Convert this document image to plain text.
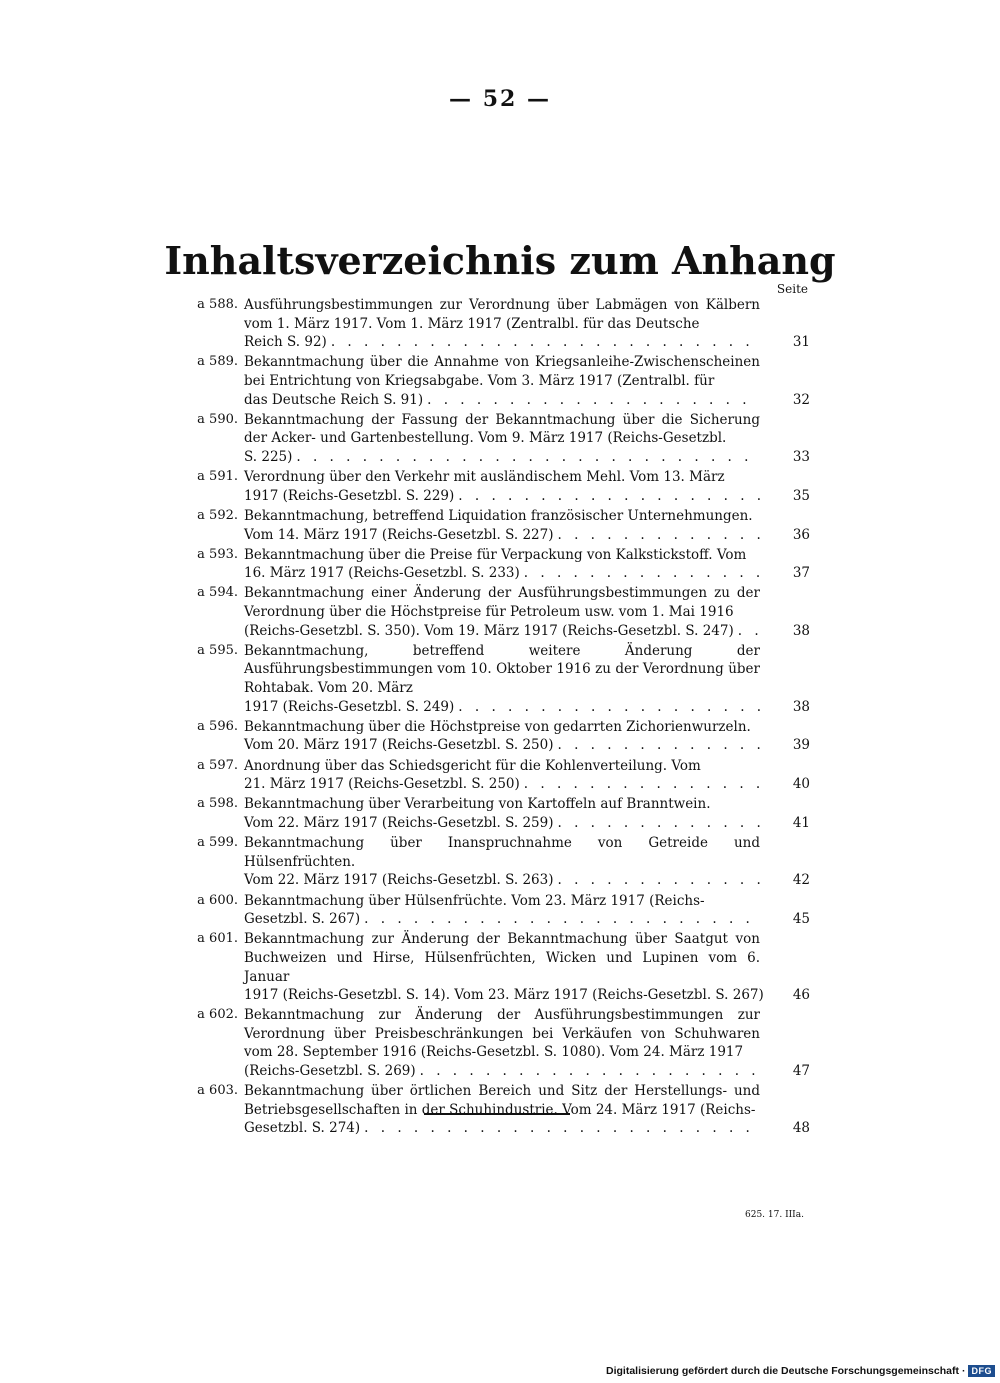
— 52 —
Inhaltsverzeichnis zum Anhang
Seite
a 588. Ausführungsbestimmungen zur Verordnung über Labmägen von Kälbern vom 1. März 1917. Vom 1. März 1917 (Zentralbl. für das Deutsche
Reich S. 92) . . .	31
a 589. Bekanntmachung über die Annahme von Kriegsanleihe-Zwischenscheinen bei Entrichtung von Kriegsabgabe. Vom 3. März 1917 (Zentralbl. für
das Deutsche Reich S. 91) . . .	32
a 590. Bekanntmachung der Fassung der Bekanntmachung über die Sicherung der Acker- und Gartenbestellung. Vom 9. März 1917 (Reichs-Gesetzbl.
S. 225) . . .	33
a 591. Verordnung über den Verkehr mit ausländischem Mehl. Vom 13. März
1917 (Reichs-Gesetzbl. S. 229) . . .	35
a 592. Bekanntmachung, betreffend Liquidation französischer Unternehmungen.
Vom 14. März 1917 (Reichs-Gesetzbl. S. 227) . . .	36
a 593. Bekanntmachung über die Preise für Verpackung von Kalkstickstoff. Vom
16. März 1917 (Reichs-Gesetzbl. S. 233) . . .	37
a 594. Bekanntmachung einer Änderung der Ausführungsbestimmungen zu der Verordnung über die Höchstpreise für Petroleum usw. vom 1. Mai 1916
(Reichs-Gesetzbl. S. 350). Vom 19. März 1917 (Reichs-Gesetzbl. S. 247) . . .	38
a 595. Bekanntmachung, betreffend weitere Änderung der Ausführungsbestimmungen vom 10. Oktober 1916 zu der Verordnung über Rohtabak. Vom 20. März
1917 (Reichs-Gesetzbl. S. 249) . . .	38
a 596. Bekanntmachung über die Höchstpreise von gedarrten Zichorienwurzeln.
Vom 20. März 1917 (Reichs-Gesetzbl. S. 250) . . .	39
a 597. Anordnung über das Schiedsgericht für die Kohlenverteilung. Vom
21. März 1917 (Reichs-Gesetzbl. S. 250) . . .	40
a 598. Bekanntmachung über Verarbeitung von Kartoffeln auf Branntwein.
Vom 22. März 1917 (Reichs-Gesetzbl. S. 259) . . .	41
a 599. Bekanntmachung über Inanspruchnahme von Getreide und Hülsenfrüchten.
Vom 22. März 1917 (Reichs-Gesetzbl. S. 263) . . .	42
a 600. Bekanntmachung über Hülsenfrüchte. Vom 23. März 1917 (Reichs-
Gesetzbl. S. 267) . . .	45
a 601. Bekanntmachung zur Änderung der Bekanntmachung über Saatgut von Buchweizen und Hirse, Hülsenfrüchten, Wicken und Lupinen vom 6. Januar
1917 (Reichs-Gesetzbl. S. 14). Vom 23. März 1917 (Reichs-Gesetzbl. S. 267)	46
a 602. Bekanntmachung zur Änderung der Ausführungsbestimmungen zur Verordnung über Preisbeschränkungen bei Verkäufen von Schuhwaren vom 28. September 1916 (Reichs-Gesetzbl. S. 1080). Vom 24. März 1917
(Reichs-Gesetzbl. S. 269) . . .	47
a 603. Bekanntmachung über örtlichen Bereich und Sitz der Herstellungs- und Betriebsgesellschaften in der Schuhindustrie. Vom 24. März 1917 (Reichs-
Gesetzbl. S. 274) . . .	48
625. 17. IIIa.
Digitalisierung gefördert durch die Deutsche Forschungsgemeinschaft · DFG
